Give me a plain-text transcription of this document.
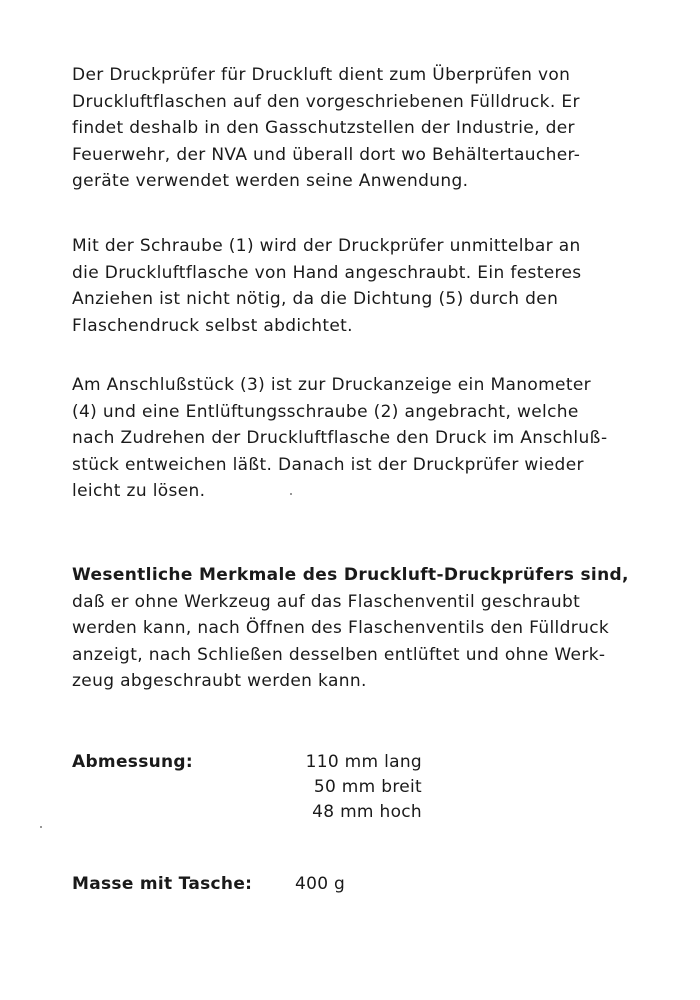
Der Druckprüfer für Druckluft dient zum Überprüfen von
Druckluftflaschen auf den vorgeschriebenen Fülldruck. Er
findet deshalb in den Gasschutzstellen der Industrie, der
Feuerwehr, der NVA und überall dort wo Behältertaucher-
geräte verwendet werden seine Anwendung.
Mit der Schraube (1) wird der Druckprüfer unmittelbar an
die Druckluftflasche von Hand angeschraubt. Ein festeres
Anziehen ist nicht nötig, da die Dichtung (5) durch den
Flaschendruck selbst abdichtet.
Am Anschlußstück (3) ist zur Druckanzeige ein Manometer
(4) und eine Entlüftungsschraube (2) angebracht, welche
nach Zudrehen der Druckluftflasche den Druck im Anschluß-
stück entweichen läßt. Danach ist der Druckprüfer wieder
leicht zu lösen.
Wesentliche Merkmale des Druckluft-Druckprüfers sind,
daß er ohne Werkzeug auf das Flaschenventil geschraubt
werden kann, nach Öffnen des Flaschenventils den Fülldruck
anzeigt, nach Schließen desselben entlüftet und ohne Werk-
zeug abgeschraubt werden kann.
Abmessung:	110 mm lang
50 mm breit
48 mm hoch
Masse mit Tasche:	400 g
